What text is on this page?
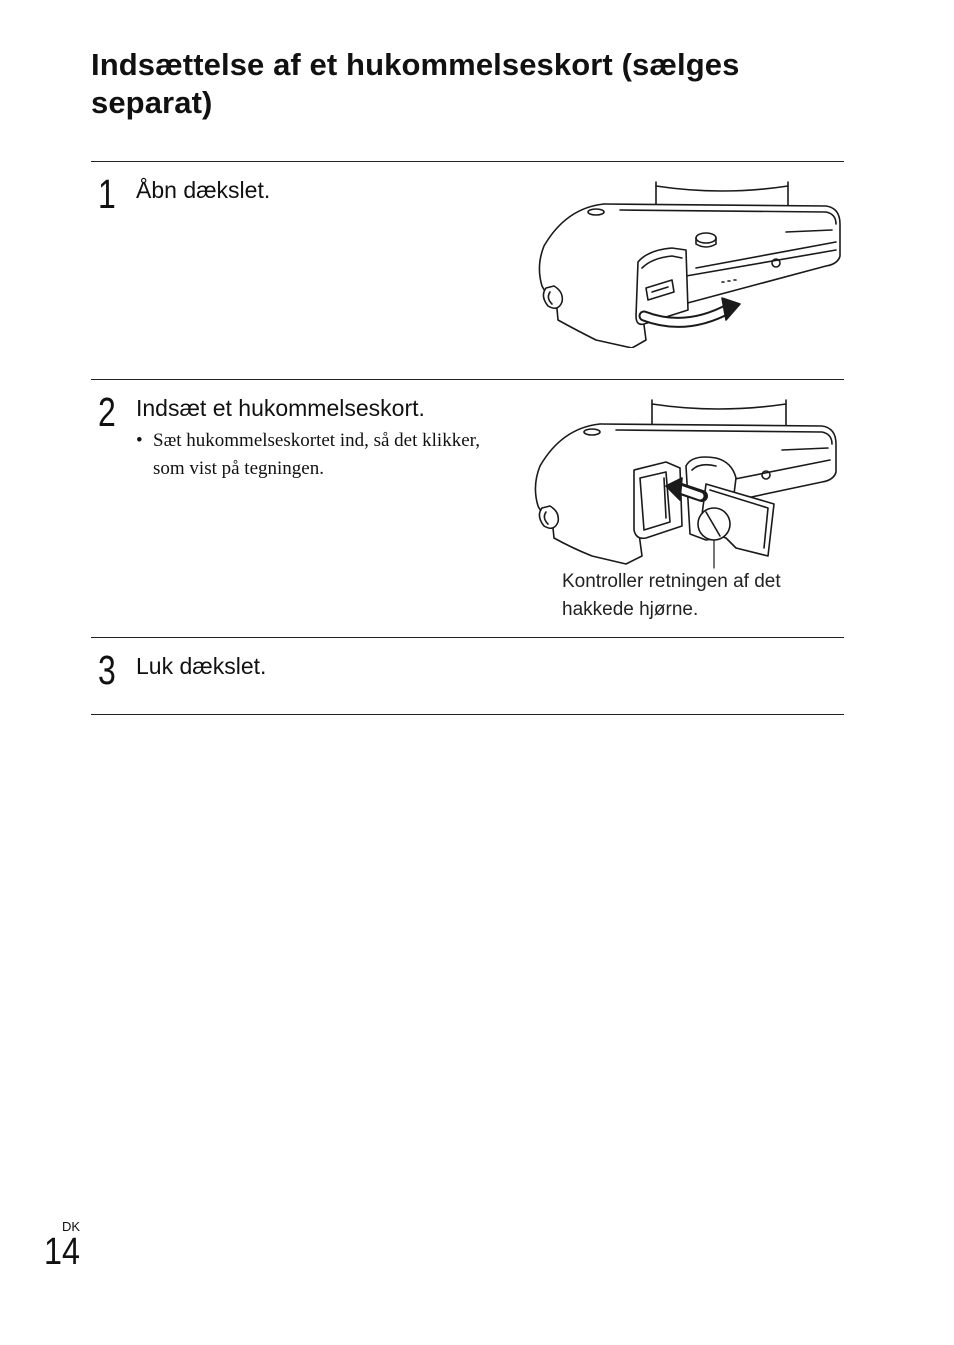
Indsættelse af et hukommelseskort (sælges separat)
1 Åbn dækslet.
2 Indsæt et hukommelseskort.
• Sæt hukommelseskortet ind, så det klikker, som vist på tegningen.
Kontroller retningen af det hakkede hjørne.
3 Luk dækslet.
DK
14
